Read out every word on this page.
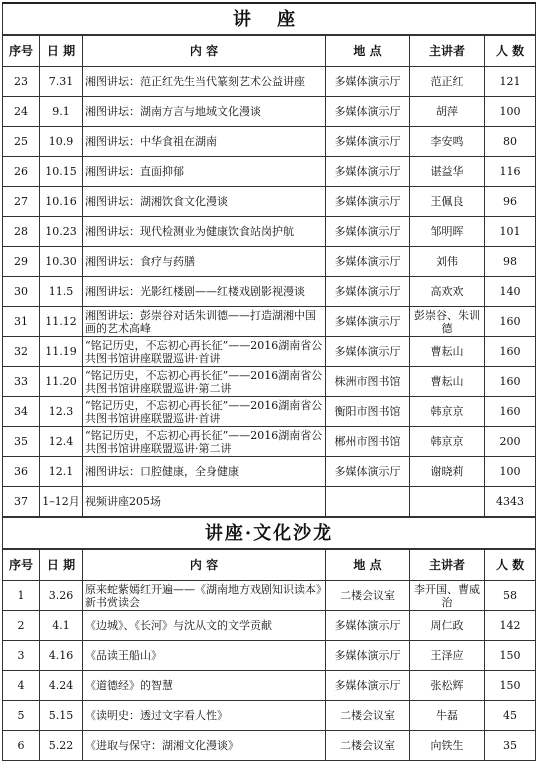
讲 座					
序号	日 期	内 容	地 点	主讲者	人 数
23	7.31	湘图讲坛：范正红先生当代篆刻艺术公益讲座	多媒体演示厅	范正红	121
24	9.1	湘图讲坛：湖南方言与地域文化漫谈	多媒体演示厅	胡萍	100
25	10.9	湘图讲坛：中华食祖在湖南	多媒体演示厅	李安鸣	80
26	10.15	湘图讲坛：直面抑郁	多媒体演示厅	谌益华	116
27	10.16	湘图讲坛：湖湘饮食文化漫谈	多媒体演示厅	王佩良	96
28	10.23	湘图讲坛：现代检测业为健康饮食站岗护航	多媒体演示厅	邹明晖	101
29	10.30	湘图讲坛：食疗与药膳	多媒体演示厅	刘伟	98
30	11.5	湘图讲坛：光影红楼剧——红楼戏剧影视漫谈	多媒体演示厅	高欢欢	140
31	11.12	湘图讲坛：彭崇谷对话朱训德——打造湖湘中国画的艺术高峰	多媒体演示厅	彭崇谷、朱训德	160
32	11.19	“铭记历史，不忘初心再长征”——2016湖南省公共图书馆讲座联盟巡讲·首讲	多媒体演示厅	曹耘山	160
33	11.20	“铭记历史，不忘初心再长征”——2016湖南省公共图书馆讲座联盟巡讲·第二讲	株洲市图书馆	曹耘山	160
34	12.3	“铭记历史，不忘初心再长征”——2016湖南省公共图书馆讲座联盟巡讲·首讲	衡阳市图书馆	韩京京	160
35	12.4	“铭记历史，不忘初心再长征”——2016湖南省公共图书馆讲座联盟巡讲·第二讲	郴州市图书馆	韩京京	200
36	12.1	湘图讲坛：口腔健康，全身健康	多媒体演示厅	谢晓莉	100
37	1–12月	视频讲座205场			4343
讲座·文化沙龙					
序号	日 期	内 容	地 点	主讲者	人 数
1	3.26	原来蛇紫嫣红开遍——《湖南地方戏剧知识读本》新书赏读会	二楼会议室	李开国、曹威治	58
2	4.1	《边城》、《长河》与沈从文的文学贡献	多媒体演示厅	周仁政	142
3	4.16	《品读王船山》	多媒体演示厅	王泽应	150
4	4.24	《道德经》的智慧	多媒体演示厅	张松辉	150
5	5.15	《读明史：透过文字看人性》	二楼会议室	牛磊	45
6	5.22	《进取与保守：湖湘文化漫谈》	二楼会议室	向铁生	35
